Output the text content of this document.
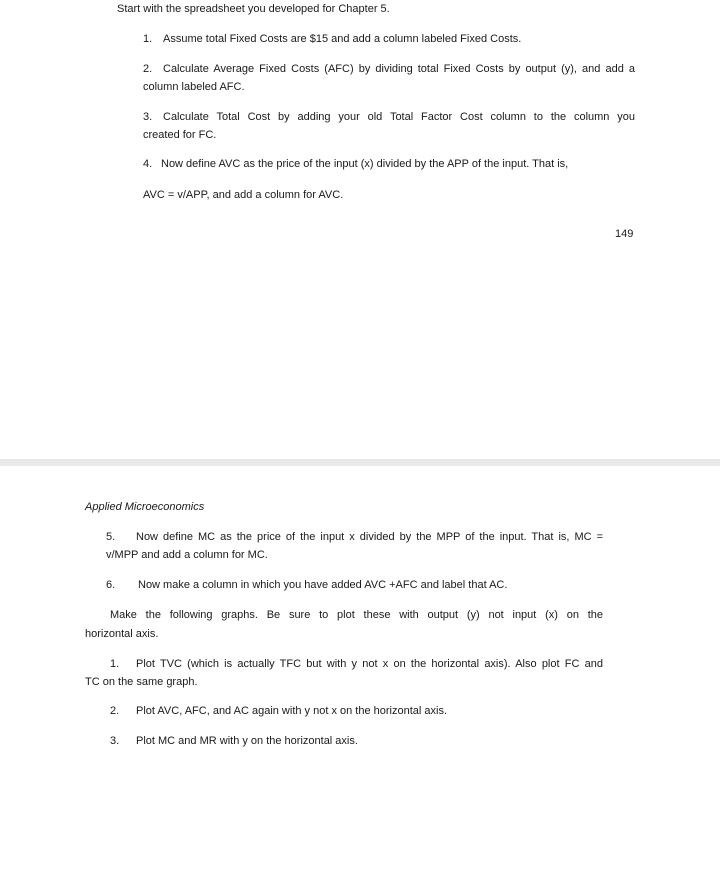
Start with the spreadsheet you developed for Chapter 5.
1. Assume total Fixed Costs are $15 and add a column labeled Fixed Costs.
2. Calculate Average Fixed Costs (AFC) by dividing total Fixed Costs by output (y), and add a
column labeled AFC.
3. Calculate Total Cost by adding your old Total Factor Cost column to the column you
created for FC.
4. Now define AVC as the price of the input (x) divided by the APP of the input. That is,
AVC = v/APP, and add a column for AVC.
149
Applied Microeconomics
5. Now define MC as the price of the input x divided by the MPP of the input. That is, MC =
v/MPP and add a column for MC.
6. Now make a column in which you have added AVC +AFC and label that AC.
Make the following graphs. Be sure to plot these with output (y) not input (x) on the
horizontal axis.
1. Plot TVC (which is actually TFC but with y not x on the horizontal axis). Also plot FC and
TC on the same graph.
2. Plot AVC, AFC, and AC again with y not x on the horizontal axis.
3. Plot MC and MR with y on the horizontal axis.
